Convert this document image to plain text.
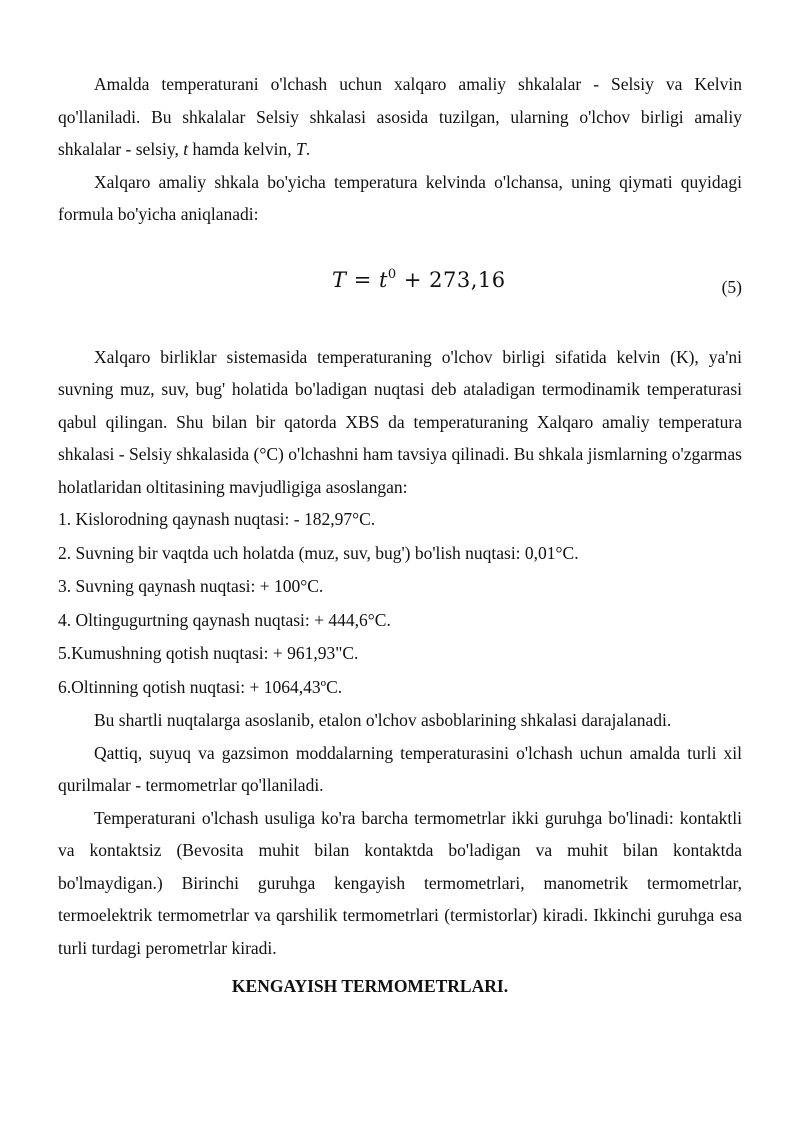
Amalda temperaturani o'lchash uchun xalqaro amaliy shkalalar - Selsiy va Kelvin qo'llaniladi. Bu shkalalar Selsiy shkalasi asosida tuzilgan, ularning o'lchov birligi amaliy shkalalar - selsiy, t hamda kelvin, T.

Xalqaro amaliy shkala bo'yicha temperatura kelvinda o'lchansa, uning qiymati quyidagi formula bo'yicha aniqlanadi:

$T = t^0 + 273,16$	(5)

Xalqaro birliklar sistemasida temperaturaning o'lchov birligi sifatida kelvin (K), ya'ni suvning muz, suv, bug' holatida bo'ladigan nuqtasi deb ataladigan termodinamik temperaturasi qabul qilingan. Shu bilan bir qatorda XBS da temperaturaning Xalqaro amaliy temperatura shkalasi - Selsiy shkalasida (°C) o'lchashni ham tavsiya qilinadi. Bu shkala jismlarning o'zgarmas holatlaridan oltitasining mavjudligiga asoslangan:

1. Kislorodning qaynash nuqtasi: - 182,97°C.

2. Suvning bir vaqtda uch holatda (muz, suv, bug') bo'lish nuqtasi: 0,01°C.

3. Suvning qaynash nuqtasi: + 100°C.

4. Oltingugurtning qaynash nuqtasi: + 444,6°C.

5.Kumushning qotish nuqtasi: + 961,93"C.

6.Oltinning qotish nuqtasi: + 1064,43ºC.

Bu shartli nuqtalarga asoslanib, etalon o'lchov asboblarining shkalasi darajalanadi.

Qattiq, suyuq va gazsimon moddalarning temperaturasini o'lchash uchun amalda turli xil qurilmalar - termometrlar qo'llaniladi.

Temperaturani o'lchash usuliga ko'ra barcha termometrlar ikki guruhga bo'linadi: kontaktli va kontaktsiz (Bevosita muhit bilan kontaktda bo'ladigan va muhit bilan kontaktda bo'lmaydigan.) Birinchi guruhga kengayish termometrlari, manometrik termometrlar, termoelektrik termometrlar va qarshilik termometrlari (termistorlar) kiradi. Ikkinchi guruhga esa turli turdagi perometrlar kiradi.

KENGAYISH TERMOMETRLARI.
